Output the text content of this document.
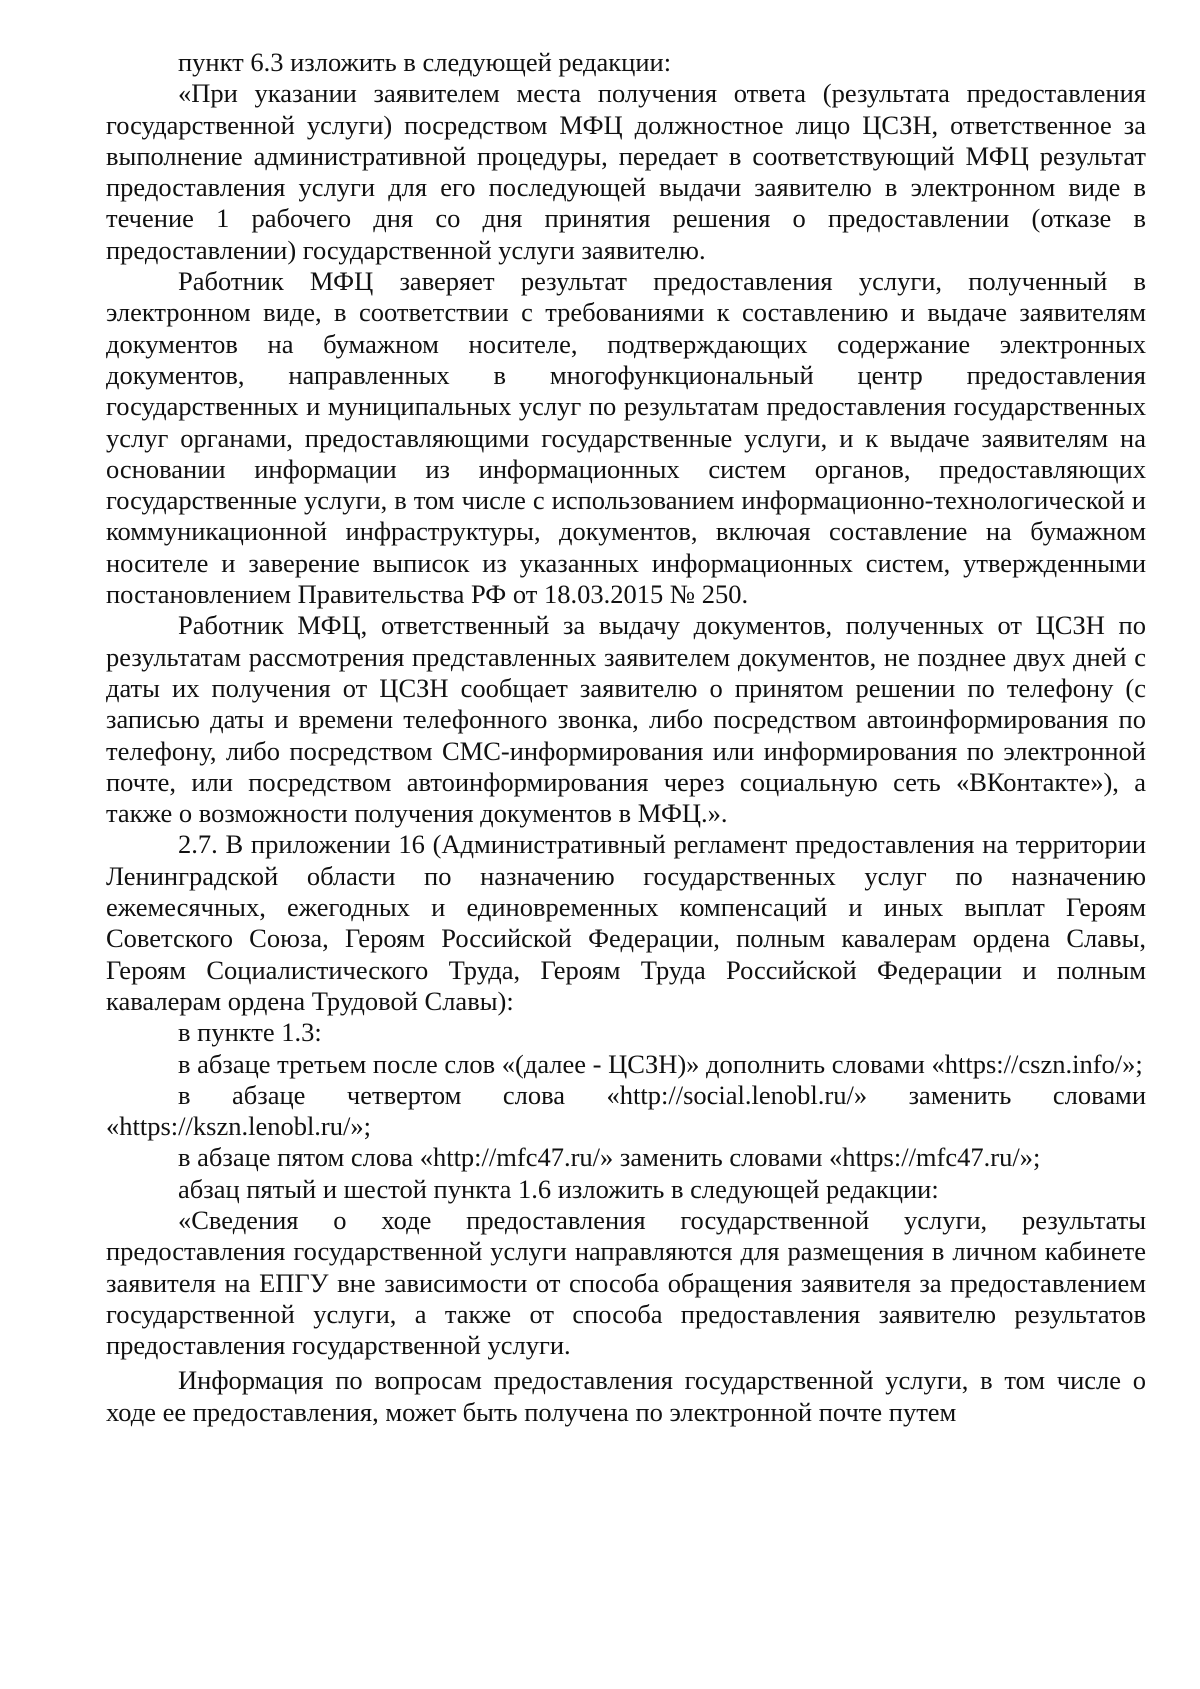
пункт 6.3 изложить в следующей редакции:

«При указании заявителем места получения ответа (результата предоставления государственной услуги) посредством МФЦ должностное лицо ЦСЗН, ответственное за выполнение административной процедуры, передает в соответствующий МФЦ результат предоставления услуги для его последующей выдачи заявителю в электронном виде в течение 1 рабочего дня со дня принятия решения о предоставлении (отказе в предоставлении) государственной услуги заявителю.

Работник МФЦ заверяет результат предоставления услуги, полученный в электронном виде, в соответствии с требованиями к составлению и выдаче заявителям документов на бумажном носителе, подтверждающих содержание электронных документов, направленных в многофункциональный центр предоставления государственных и муниципальных услуг по результатам предоставления государственных услуг органами, предоставляющими государственные услуги, и к выдаче заявителям на основании информации из информационных систем органов, предоставляющих государственные услуги, в том числе с использованием информационно-технологической и коммуникационной инфраструктуры, документов, включая составление на бумажном носителе и заверение выписок из указанных информационных систем, утвержденными постановлением Правительства РФ от 18.03.2015 № 250.

Работник МФЦ, ответственный за выдачу документов, полученных от ЦСЗН по результатам рассмотрения представленных заявителем документов, не позднее двух дней с даты их получения от ЦСЗН сообщает заявителю о принятом решении по телефону (с записью даты и времени телефонного звонка, либо посредством автоинформирования по телефону, либо посредством СМС-информирования или информирования по электронной почте, или посредством автоинформирования через социальную сеть «ВКонтакте»), а также о возможности получения документов в МФЦ.».

2.7. В приложении 16 (Административный регламент предоставления на территории Ленинградской области по назначению государственных услуг по назначению ежемесячных, ежегодных и единовременных компенсаций и иных выплат Героям Советского Союза, Героям Российской Федерации, полным кавалерам ордена Славы, Героям Социалистического Труда, Героям Труда Российской Федерации и полным кавалерам ордена Трудовой Славы):

в пункте 1.3:

в абзаце третьем после слов «(далее - ЦСЗН)» дополнить словами «https://cszn.info/»;

в абзаце четвертом слова «http://social.lenobl.ru/» заменить словами «https://kszn.lenobl.ru/»;

в абзаце пятом слова «http://mfc47.ru/» заменить словами «https://mfc47.ru/»;

абзац пятый и шестой пункта 1.6 изложить в следующей редакции:

«Сведения о ходе предоставления государственной услуги, результаты предоставления государственной услуги направляются для размещения в личном кабинете заявителя на ЕПГУ вне зависимости от способа обращения заявителя за предоставлением государственной услуги, а также от способа предоставления заявителю результатов предоставления государственной услуги.

Информация по вопросам предоставления государственной услуги, в том числе о ходе ее предоставления, может быть получена по электронной почте путем
